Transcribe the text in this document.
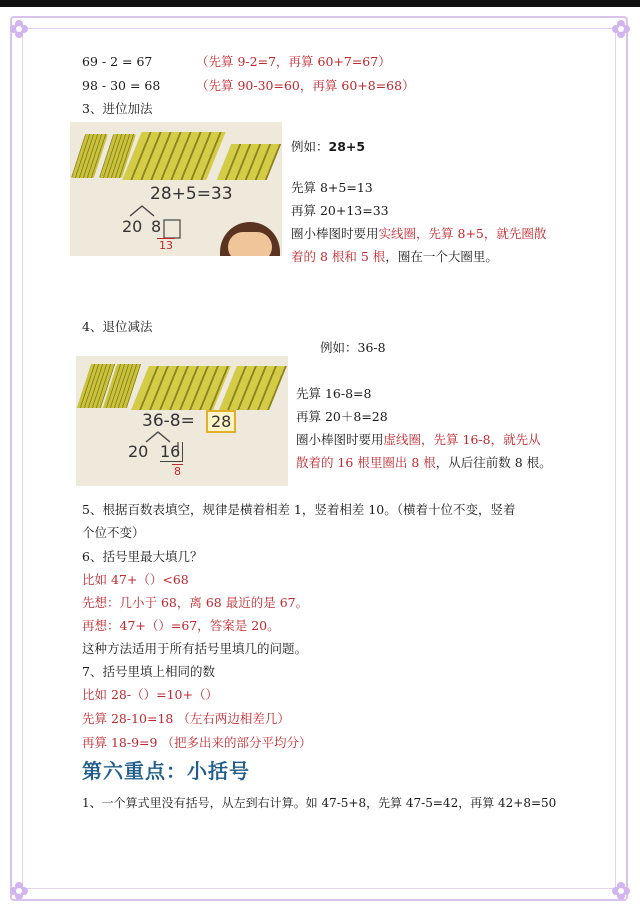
69 - 2 = 67	（先算 9-2=7，再算 60+7=67）
98 - 30 = 68	（先算 90-30=60，再算 60+8=68）
3、进位加法
28+5=33
20 8
13
例如：28+5
先算 8+5=13
再算 20+13=33
圈小棒图时要用实线圈，先算 8+5，就先圈散
着的 8 根和 5 根，圈在一个大圈里。
4、退位减法
例如：36-8
36-8=	28
20 16
8
先算 16-8=8
再算 20＋8=28
圈小棒图时要用虚线圈，先算 16-8，就先从
散着的 16 根里圈出 8 根，从后往前数 8 根。
5、根据百数表填空，规律是横着相差 1，竖着相差 10。（横着十位不变，竖着
个位不变）
6、括号里最大填几？
比如 47+（）<68
先想：几小于 68，离 68 最近的是 67。
再想：47+（）=67，答案是 20。
这种方法适用于所有括号里填几的问题。
7、括号里填上相同的数
比如 28-（）=10+（）
先算 28-10=18 （左右两边相差几）
再算 18-9=9 （把多出来的部分平均分）
第六重点：小括号
1、一个算式里没有括号，从左到右计算。如 47-5+8，先算 47-5=42，再算 42+8=50
